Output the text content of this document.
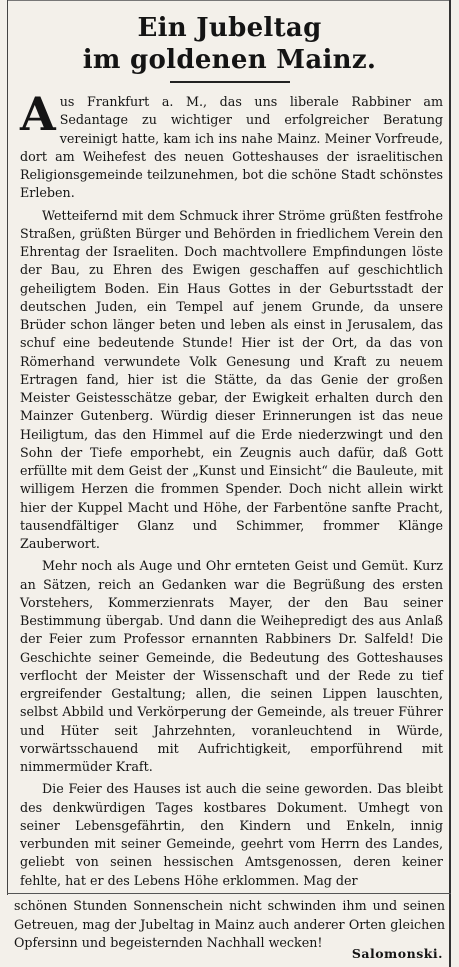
Ein Jubeltag
im goldenen Mainz.

Aus Frankfurt a. M., das uns liberale Rabbiner am Sedantage zu wichtiger und erfolgreicher Beratung vereinigt hatte, kam ich ins nahe Mainz. Meiner Vorfreude, dort am Weihefest des neuen Gotteshauses der israelitischen Religionsgemeinde teilzunehmen, bot die schöne Stadt schönstes Erleben.

Wetteifernd mit dem Schmuck ihrer Ströme grüßten festfrohe Straßen, grüßten Bürger und Behörden in friedlichem Verein den Ehrentag der Israeliten. Doch machtvollere Empfindungen löste der Bau, zu Ehren des Ewigen geschaffen auf geschichtlich geheiligtem Boden. Ein Haus Gottes in der Geburtsstadt der deutschen Juden, ein Tempel auf jenem Grunde, da unsere Brüder schon länger beten und leben als einst in Jerusalem, das schuf eine bedeutende Stunde! Hier ist der Ort, da das von Römerhand verwundete Volk Genesung und Kraft zu neuem Ertragen fand, hier ist die Stätte, da das Genie der großen Meister Geistesschätze gebar, der Ewigkeit erhalten durch den Mainzer Gutenberg. Würdig dieser Erinnerungen ist das neue Heiligtum, das den Himmel auf die Erde niederzwingt und den Sohn der Tiefe emporhebt, ein Zeugnis auch dafür, daß Gott erfüllte mit dem Geist der „Kunst und Einsicht“ die Bauleute, mit willigem Herzen die frommen Spender. Doch nicht allein wirkt hier der Kuppel Macht und Höhe, der Farbentöne sanfte Pracht, tausendfältiger Glanz und Schimmer, frommer Klänge Zauberwort.

Mehr noch als Auge und Ohr ernteten Geist und Gemüt. Kurz an Sätzen, reich an Gedanken war die Begrüßung des ersten Vorstehers, Kommerzienrats Mayer, der den Bau seiner Bestimmung übergab. Und dann die Weihepredigt des aus Anlaß der Feier zum Professor ernannten Rabbiners Dr. Salfeld! Die Geschichte seiner Gemeinde, die Bedeutung des Gotteshauses verflocht der Meister der Wissenschaft und der Rede zu tief ergreifender Gestaltung; allen, die seinen Lippen lauschten, selbst Abbild und Verkörperung der Gemeinde, als treuer Führer und Hüter seit Jahrzehnten, voranleuchtend in Würde, vorwärtsschauend mit Aufrichtigkeit, emporführend mit nimmermüder Kraft.

Die Feier des Hauses ist auch die seine geworden. Das bleibt des denkwürdigen Tages kostbares Dokument. Umhegt von seiner Lebensgefährtin, den Kindern und Enkeln, innig verbunden mit seiner Gemeinde, geehrt vom Herrn des Landes, geliebt von seinen hessischen Amtsgenossen, deren keiner fehlte, hat er des Lebens Höhe erklommen. Mag der

schönen Stunden Sonnenschein nicht schwinden ihm und seinen Getreuen, mag der Jubeltag in Mainz auch anderer Orten gleichen Opfersinn und begeisternden Nachhall wecken!
Salomonski.
